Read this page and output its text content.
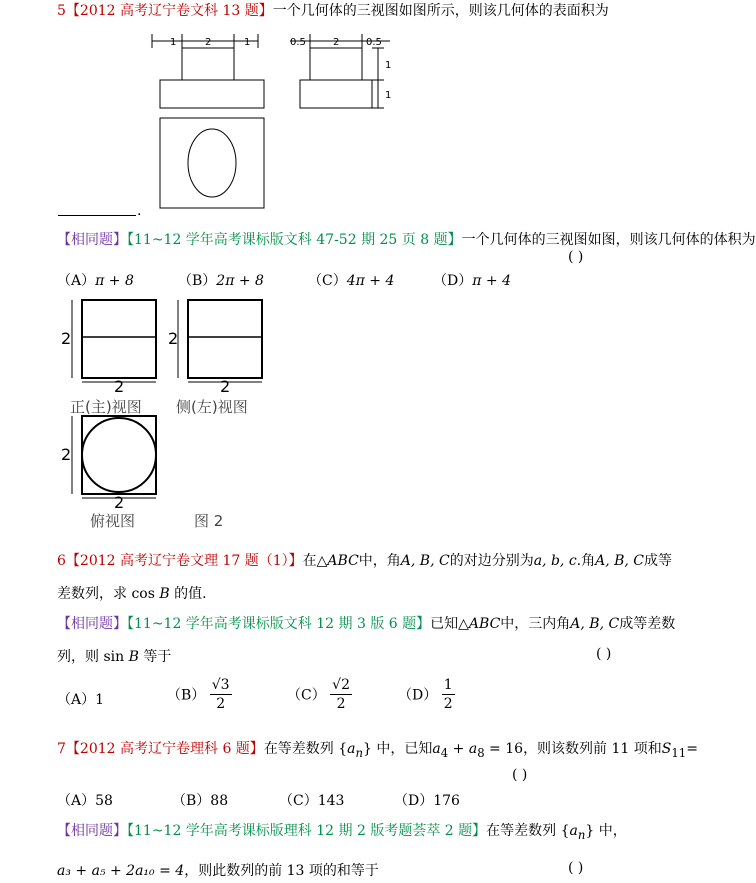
5【2012 高考辽宁卷文科 13 题】一个几何体的三视图如图所示，则该几何体的表面积为
1	2	1	0.5	2	0.5
1
1
.
【相同题】【11~12 学年高考课标版文科 47-52 期 25 页 8 题】一个几何体的三视图如图，则该几何体的体积为
( )
（A）π + 8	（B）2π + 8	（C）4π + 4	（D）π + 4
2
2
正(主)视图
2
2
侧(左)视图
2
2
俯视图	图 2
6【2012 高考辽宁卷文理 17 题（1）】在△ABC中，角A, B, C的对边分别为a, b, c.角A, B, C成等
差数列，求 cos B 的值.
【相同题】【11~12 学年高考课标版文科 12 期 3 版 6 题】已知△ABC中，三内角A, B, C成等差数
列，则 sin B 等于	( )
（A）1	$(B) \frac{√3}{2}$	$(C) \frac{√2}{2}$	$(D) \frac{1}{2}$
7【2012 高考辽宁卷理科 6 题】在等差数列 $\{a_n\}$ 中，已知$a_4 + a_8 = 16$，则该数列前 11 项和$S_{11}=$
( )
（A）58	（B）88	（C）143	（D）176
【相同题】【11~12 学年高考课标版理科 12 期 2 版考题荟萃 2 题】在等差数列 $\{a_n\}$ 中，
a₃ + a₅ + 2a₁₀ = 4，则此数列的前 13 项的和等于	( )
